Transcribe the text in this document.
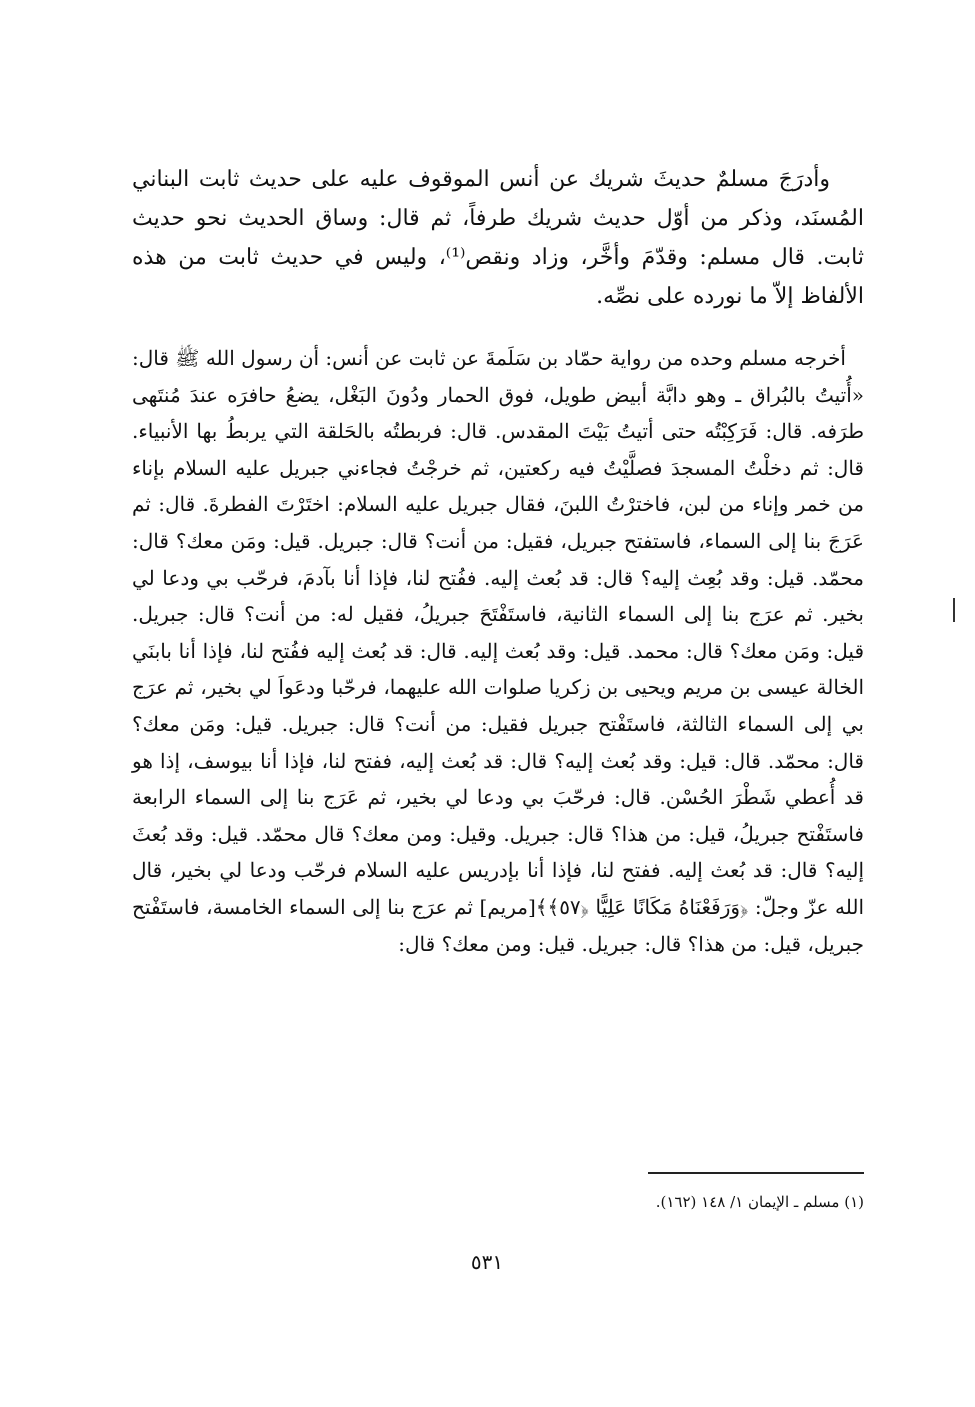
وأدرَجَ مسلمٌ حديثَ شريك عن أنس الموقوف عليه على حديث ثابت البناني المُسنَد، وذكر من أوّل حديث شريك طرفاً، ثم قال: وساق الحديث نحو حديث ثابت. قال مسلم: وقدّمَ وأخَّر، وزاد ونقص⁽¹⁾، وليس في حديث ثابت من هذه الألفاظ إلاّ ما نورده على نصِّه.

أخرجه مسلم وحده من رواية حمّاد بن سَلَمةَ عن ثابت عن أنس: أن رسول الله ﷺ قال: «أُتيتُ بالبُراق ـ وهو دابَّة أبيض طويل، فوق الحمار ودُونَ البَغْل، يضعُ حافرَه عندَ مُنتَهى طرَفه. قال: فَرَكِبْتُه حتى أتيتُ بَيْتَ المقدس. قال: فربطتُه بالحَلقة التي يربطُ بها الأنبياء. قال: ثم دخلْتُ المسجدَ فصلَّيْتُ فيه ركعتين، ثم خرجْتُ فجاءني جبريل عليه السلام بإناء من خمر وإناء من لبن، فاخترْتُ اللبنَ، فقال جبريل عليه السلام: اختَرْتَ الفطرةَ. قال: ثم عَرَجَ بنا إلى السماء، فاستفتح جبريل، فقيل: من أنت؟ قال: جبريل. قيل: ومَن معك؟ قال: محمّد. قيل: وقد بُعِث إليه؟ قال: قد بُعث إليه. ففُتح لنا، فإذا أنا بآدمَ، فرحّب بي ودعا لي بخير. ثم عرَج بنا إلى السماء الثانية، فاستَفْتَحَ جبريلُ، فقيل له: من أنت؟ قال: جبريل. قيل: ومَن معك؟ قال: محمد. قيل: وقد بُعث إليه. قال: قد بُعث إليه ففُتح لنا، فإذا أنا بابنَي الخالة عيسى بن مريم ويحيى بن زكريا صلوات الله عليهما، فرحّبا ودعَواَ لي بخير، ثم عرَج بي إلى السماء الثالثة، فاستَفْتح جبريل فقيل: من أنت؟ قال: جبريل. قيل: ومَن معك؟ قال: محمّد. قال: قيل: وقد بُعث إليه؟ قال: قد بُعث إليه، ففتح لنا، فإذا أنا بيوسف، إذا هو قد أُعطي شَطْرَ الحُسْن. قال: فرحّبَ بي ودعا لي بخير، ثم عَرَج بنا إلى السماء الرابعة فاستَفْتح جبريلُ، قيل: من هذا؟ قال: جبريل. وقيل: ومن معك؟ قال محمّد. قيل: وقد بُعثَ إليه؟ قال: قد بُعث إليه. ففتح لنا، فإذا أنا بإدريس عليه السلام فرحّب ودعا لي بخير، قال الله عزّ وجلّ: ﴿وَرَفَعْنَاهُ مَكَانًا عَلِيًّا ﴿٥٧﴾﴾[مريم] ثم عرَج بنا إلى السماء الخامسة، فاستَفْتح جبريل، قيل: من هذا؟ قال: جبريل. قيل: ومن معك؟ قال:

(١) مسلم ـ الإيمان ١/ ١٤٨ (١٦٢).
٥٣١
